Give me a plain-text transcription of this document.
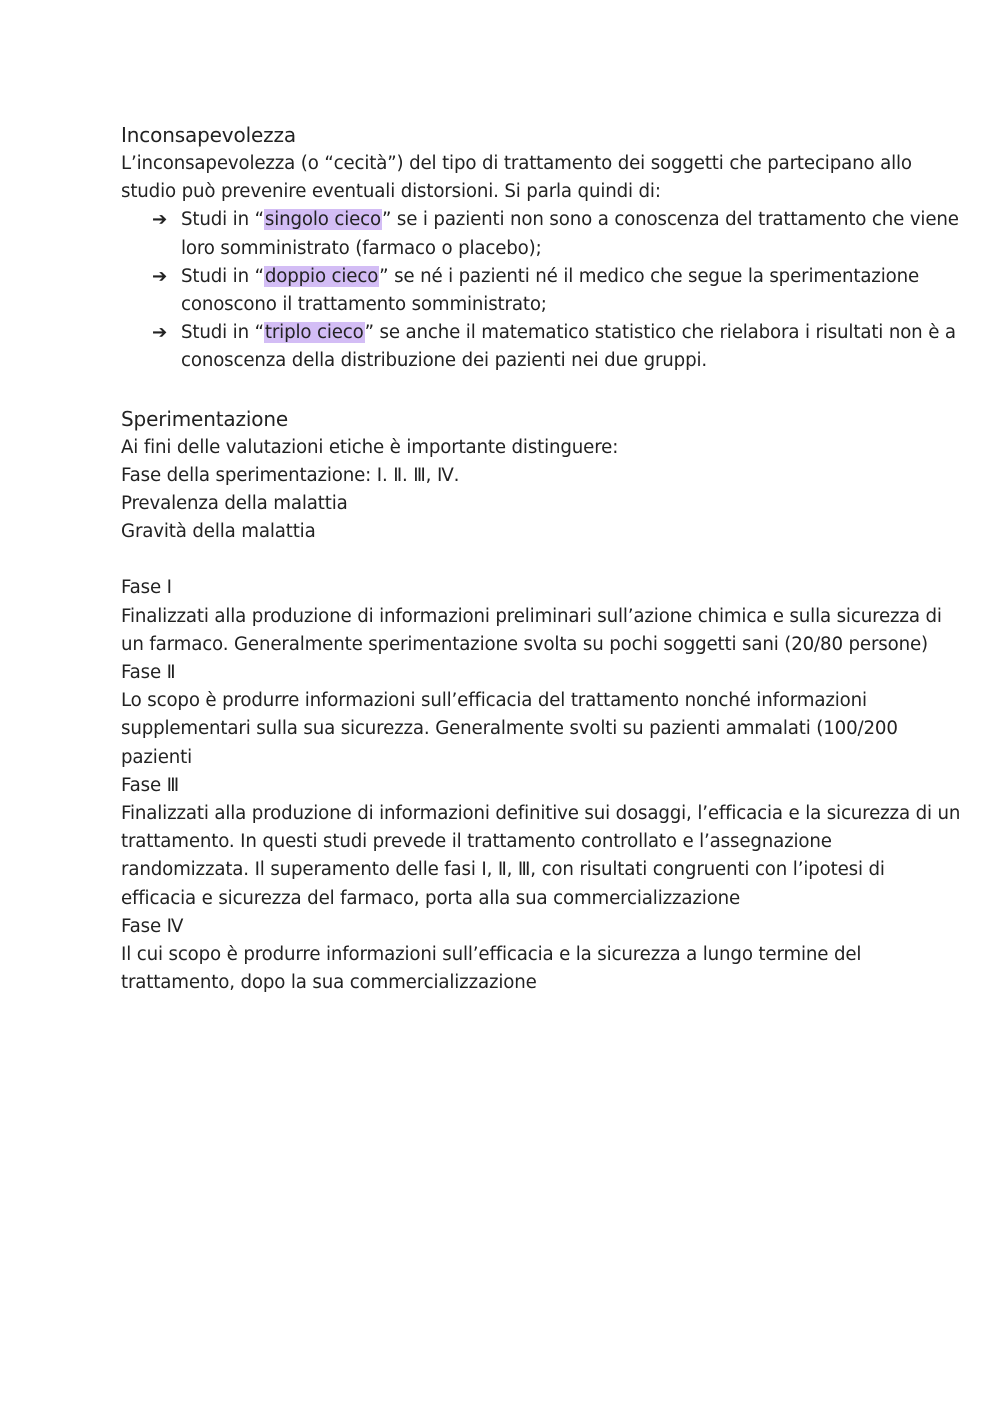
Inconsapevolezza

L’inconsapevolezza (o “cecità”) del tipo di trattamento dei soggetti che partecipano allo studio può prevenire eventuali distorsioni. Si parla quindi di:

➔ Studi in “singolo cieco” se i pazienti non sono a conoscenza del trattamento che viene loro somministrato (farmaco o placebo);
➔ Studi in “doppio cieco” se né i pazienti né il medico che segue la sperimentazione conoscono il trattamento somministrato;
➔ Studi in “triplo cieco” se anche il matematico statistico che rielabora i risultati non è a conoscenza della distribuzione dei pazienti nei due gruppi.
Sperimentazione

Ai fini delle valutazioni etiche è importante distinguere:

Fase della sperimentazione: Ⅰ. Ⅱ. Ⅲ, Ⅳ.

Prevalenza della malattia

Gravità della malattia

Fase Ⅰ

Finalizzati alla produzione di informazioni preliminari sull’azione chimica e sulla sicurezza di un farmaco. Generalmente sperimentazione svolta su pochi soggetti sani (20/80 persone)

Fase Ⅱ

Lo scopo è produrre informazioni sull’efficacia del trattamento nonché informazioni supplementari sulla sua sicurezza. Generalmente svolti su pazienti ammalati (100/200 pazienti

Fase Ⅲ

Finalizzati alla produzione di informazioni definitive sui dosaggi, l’efficacia e la sicurezza di un trattamento. In questi studi prevede il trattamento controllato e l’assegnazione randomizzata. Il superamento delle fasi Ⅰ, Ⅱ, Ⅲ, con risultati congruenti con l’ipotesi di efficacia e sicurezza del farmaco, porta alla sua commercializzazione

Fase Ⅳ

Il cui scopo è produrre informazioni sull’efficacia e la sicurezza a lungo termine del trattamento, dopo la sua commercializzazione
